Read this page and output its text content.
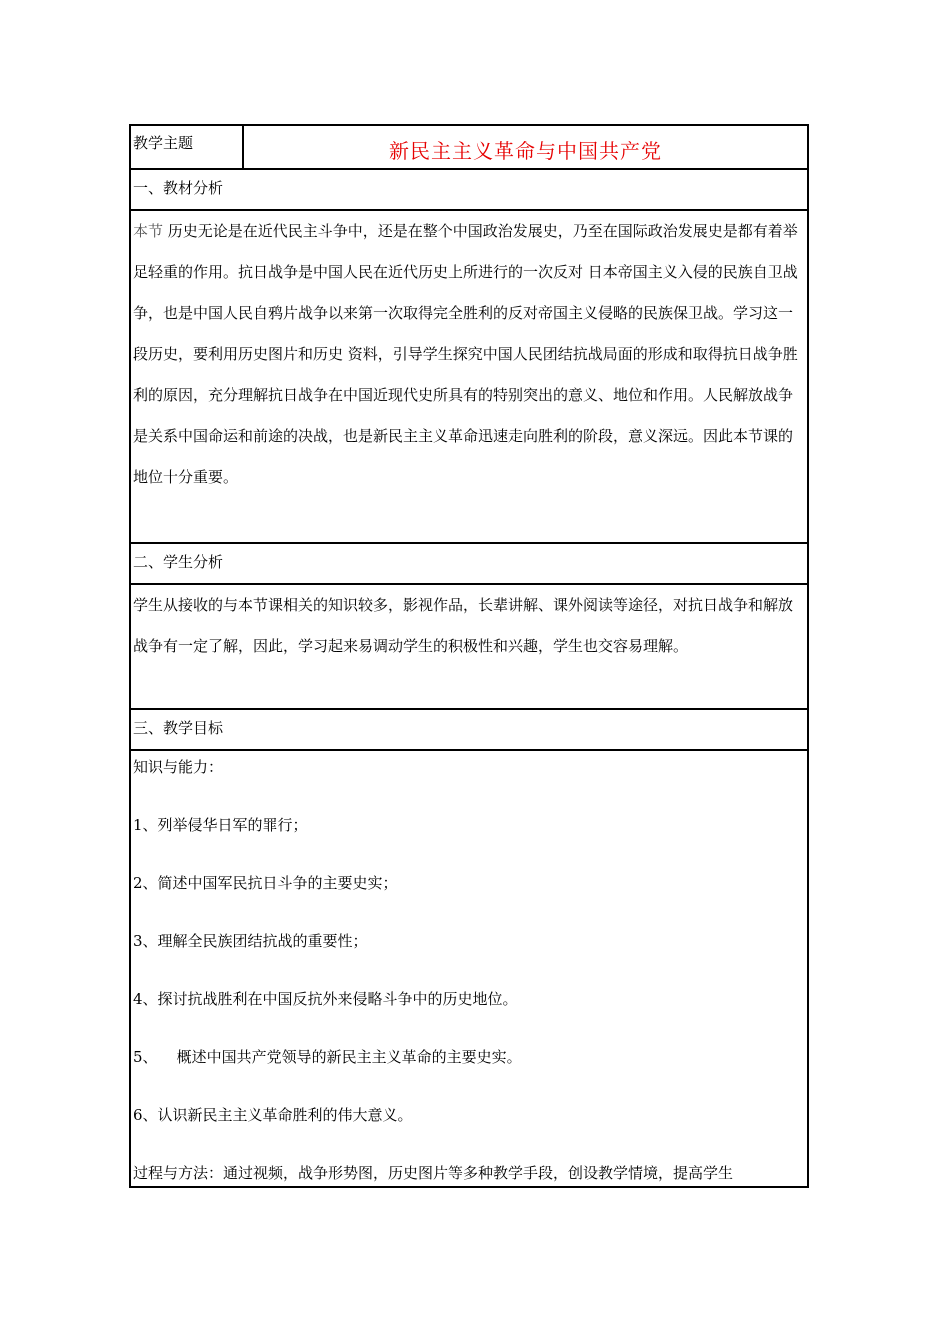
教学主题	新民主主义革命与中国共产党
一、教材分析
本节 历史无论是在近代民主斗争中，还是在整个中国政治发展史，乃至在国际政治发展史是都有着举足轻重的作用。抗日战争是中国人民在近代历史上所进行的一次反对 日本帝国主义入侵的民族自卫战争，也是中国人民自鸦片战争以来第一次取得完全胜利的反对帝国主义侵略的民族保卫战。学习这一段历史，要利用历史图片和历史 资料，引导学生探究中国人民团结抗战局面的形成和取得抗日战争胜利的原因，充分理解抗日战争在中国近现代史所具有的特别突出的意义、地位和作用。人民解放战争是关系中国命运和前途的决战，也是新民主主义革命迅速走向胜利的阶段，意义深远。因此本节课的地位十分重要。
二、学生分析
学生从接收的与本节课相关的知识较多，影视作品，长辈讲解、课外阅读等途径，对抗日战争和解放战争有一定了解，因此，学习起来易调动学生的积极性和兴趣，学生也交容易理解。
三、教学目标

知识与能力：

1、列举侵华日军的罪行；

2、简述中国军民抗日斗争的主要史实；

3、理解全民族团结抗战的重要性；

4、探讨抗战胜利在中国反抗外来侵略斗争中的历史地位。

5、    概述中国共产党领导的新民主主义革命的主要史实。

6、认识新民主主义革命胜利的伟大意义。

过程与方法：通过视频，战争形势图，历史图片等多种教学手段，创设教学情境，提高学生
